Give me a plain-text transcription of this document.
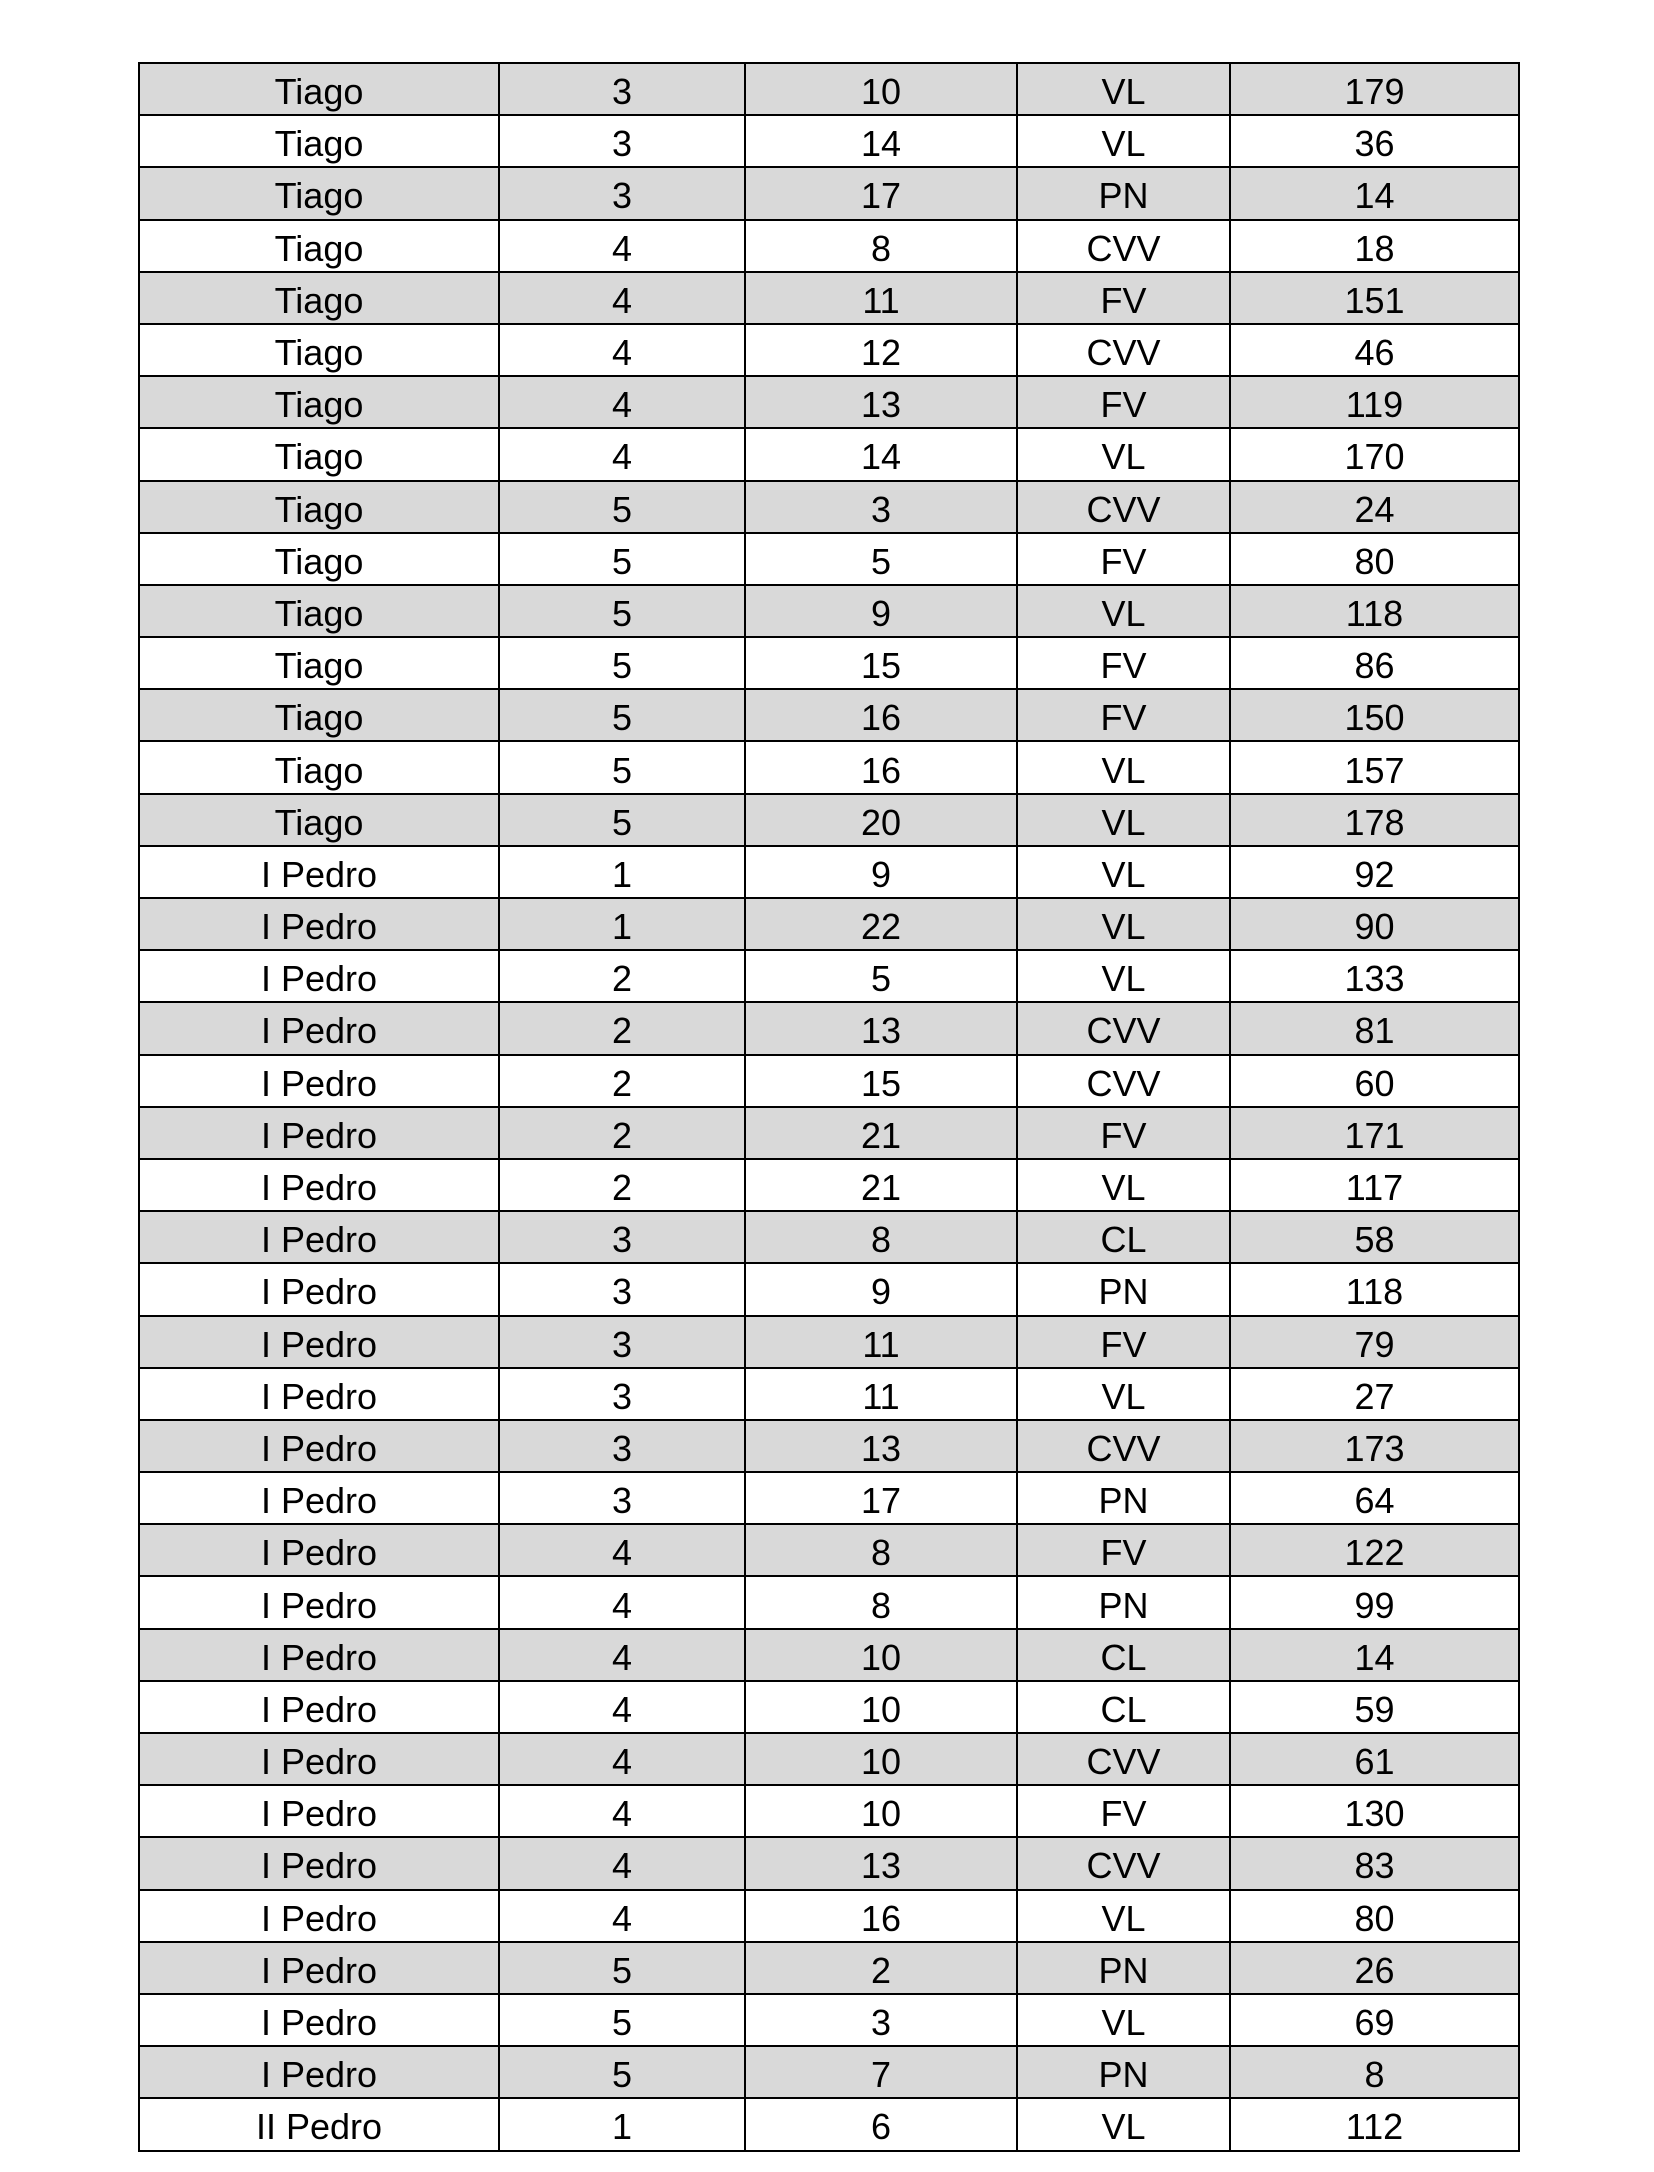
Tiago	3	10	VL	179
Tiago	3	14	VL	36
Tiago	3	17	PN	14
Tiago	4	8	CVV	18
Tiago	4	11	FV	151
Tiago	4	12	CVV	46
Tiago	4	13	FV	119
Tiago	4	14	VL	170
Tiago	5	3	CVV	24
Tiago	5	5	FV	80
Tiago	5	9	VL	118
Tiago	5	15	FV	86
Tiago	5	16	FV	150
Tiago	5	16	VL	157
Tiago	5	20	VL	178
I Pedro	1	9	VL	92
I Pedro	1	22	VL	90
I Pedro	2	5	VL	133
I Pedro	2	13	CVV	81
I Pedro	2	15	CVV	60
I Pedro	2	21	FV	171
I Pedro	2	21	VL	117
I Pedro	3	8	CL	58
I Pedro	3	9	PN	118
I Pedro	3	11	FV	79
I Pedro	3	11	VL	27
I Pedro	3	13	CVV	173
I Pedro	3	17	PN	64
I Pedro	4	8	FV	122
I Pedro	4	8	PN	99
I Pedro	4	10	CL	14
I Pedro	4	10	CL	59
I Pedro	4	10	CVV	61
I Pedro	4	10	FV	130
I Pedro	4	13	CVV	83
I Pedro	4	16	VL	80
I Pedro	5	2	PN	26
I Pedro	5	3	VL	69
I Pedro	5	7	PN	8
II Pedro	1	6	VL	112
